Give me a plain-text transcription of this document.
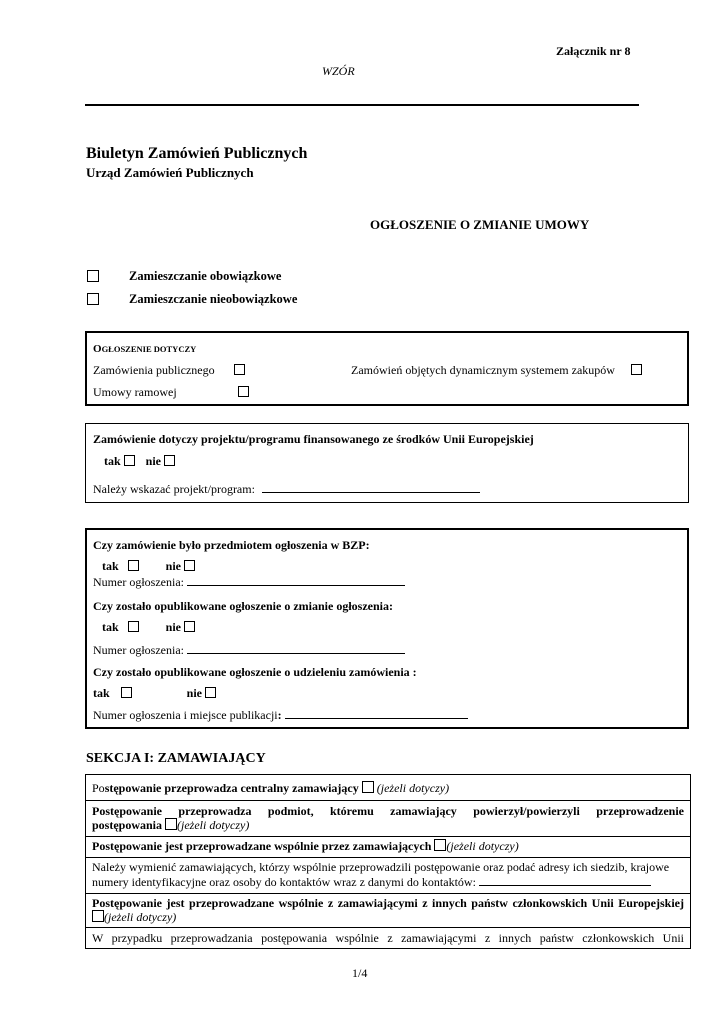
Załącznik nr 8
WZÓR
Biuletyn Zamówień Publicznych
Urząd Zamówień Publicznych
OGŁOSZENIE O ZMIANIE UMOWY
Zamieszczanie obowiązkowe
Zamieszczanie nieobowiązkowe
OGŁOSZENIE DOTYCZY
Zamówienia publicznego	Zamówień objętych dynamicznym systemem zakupów
Umowy ramowej
Zamówienie dotyczy projektu/programu finansowanego ze środków Unii Europejskiej
tak nie
Należy wskazać projekt/program:
Czy zamówienie było przedmiotem ogłoszenia w BZP:
tak	nie
Numer ogłoszenia:
Czy zostało opublikowane ogłoszenie o zmianie ogłoszenia:
tak	nie
Numer ogłoszenia:
Czy zostało opublikowane ogłoszenie o udzieleniu zamówienia :
tak	nie
Numer ogłoszenia i miejsce publikacji:
SEKCJA I: ZAMAWIAJĄCY
Postępowanie przeprowadza centralny zamawiający (jeżeli dotyczy)
Postępowanie przeprowadza podmiot, któremu zamawiający powierzył/powierzyli przeprowadzenie
postępowania (jeżeli dotyczy)
Postępowanie jest przeprowadzane wspólnie przez zamawiających (jeżeli dotyczy)
Należy wymienić zamawiających, którzy wspólnie przeprowadzili postępowanie oraz podać adresy ich siedzib, krajowe numery identyfikacyjne oraz osoby do kontaktów wraz z danymi do kontaktów:
Postępowanie jest przeprowadzane wspólnie z zamawiającymi z innych państw członkowskich Unii Europejskiej
(jeżeli dotyczy)
W przypadku przeprowadzania postępowania wspólnie z zamawiającymi z innych państw członkowskich Unii
1/4
